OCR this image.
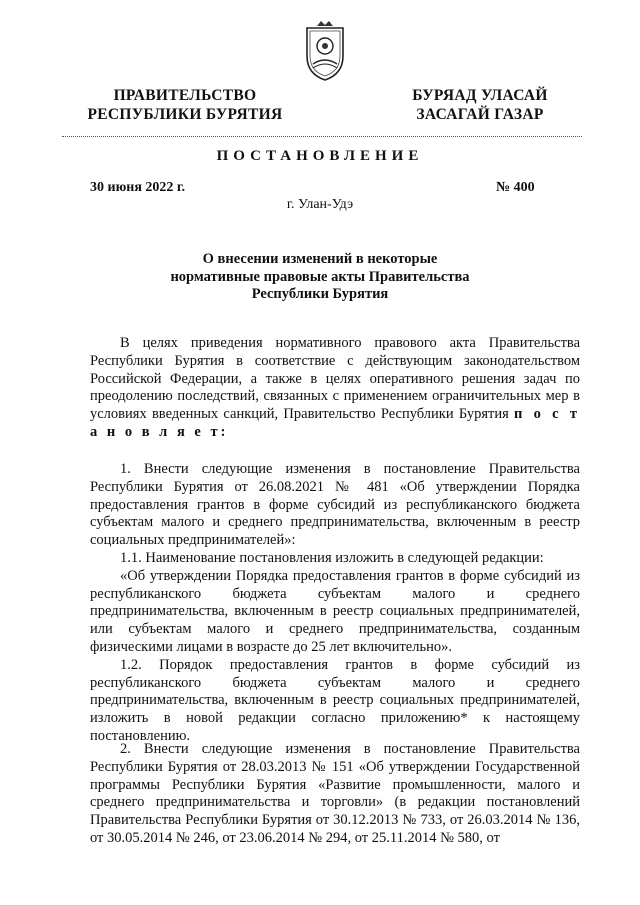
ПРАВИТЕЛЬСТВО
РЕСПУБЛИКИ БУРЯТИЯ
БУРЯАД УЛАСАЙ
ЗАСАГАЙ ГАЗАР
ПОСТАНОВЛЕНИЕ
30 июня 2022 г.	№ 400
г. Улан-Удэ
О внесении изменений в некоторые
нормативные правовые акты Правительства
Республики Бурятия

В целях приведения нормативного правового акта Правительства Республики Бурятия в соответствие с действующим законодательством Российской Федерации, а также в целях оперативного решения задач по преодолению последствий, связанных с применением ограничительных мер в условиях введенных санкций, Правительство Республики Бурятия п о с т а н о в л я е т:

1. Внести следующие изменения в постановление Правительства Республики Бурятия от 26.08.2021 № 481 «Об утверждении Порядка предоставления грантов в форме субсидий из республиканского бюджета субъектам малого и среднего предпринимательства, включенным в реестр социальных предпринимателей»:

1.1. Наименование постановления изложить в следующей редакции:

«Об утверждении Порядка предоставления грантов в форме субсидий из республиканского бюджета субъектам малого и среднего предпринимательства, включенным в реестр социальных предпринимателей, или субъектам малого и среднего предпринимательства, созданным физическими лицами в возрасте до 25 лет включительно».

1.2. Порядок предоставления грантов в форме субсидий из республиканского бюджета субъектам малого и среднего предпринимательства, включенным в реестр социальных предпринимателей, изложить в новой редакции согласно приложению* к настоящему постановлению.

2. Внести следующие изменения в постановление Правительства Республики Бурятия от 28.03.2013 № 151 «Об утверждении Государственной программы Республики Бурятия «Развитие промышленности, малого и среднего предпринимательства и торговли» (в редакции постановлений Правительства Республики Бурятия от 30.12.2013 № 733, от 26.03.2014 № 136, от 30.05.2014 № 246, от 23.06.2014 № 294, от 25.11.2014 № 580, от
